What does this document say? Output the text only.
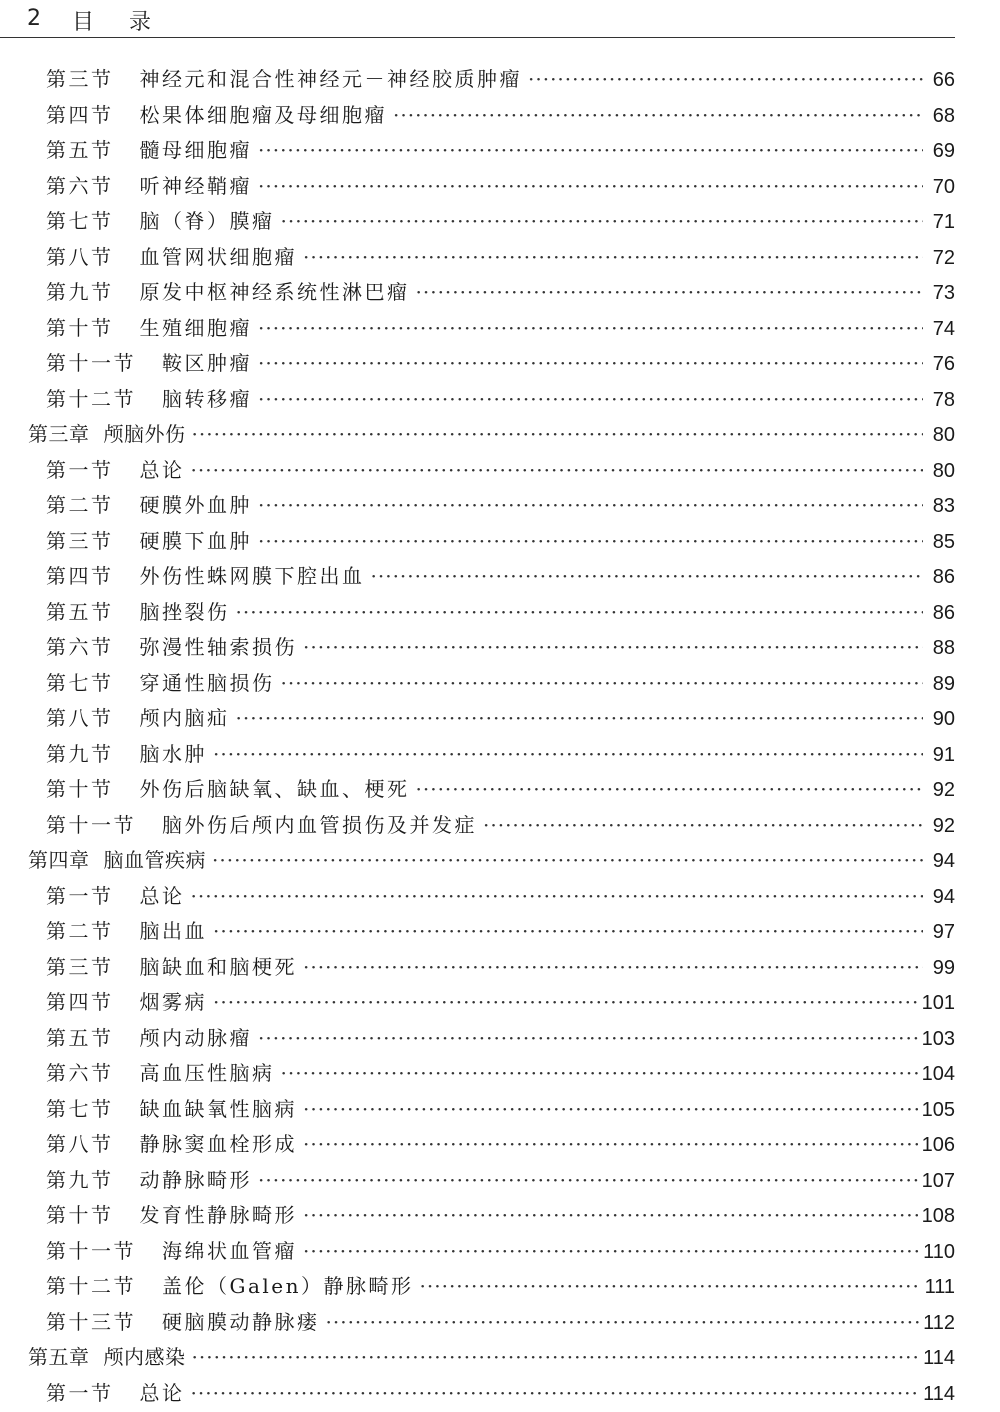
2 目 录
第三节 神经元和混合性神经元－神经胶质肿瘤 ·····	66
第四节 松果体细胞瘤及母细胞瘤 ·····	68
第五节 髓母细胞瘤 ·····	69
第六节 听神经鞘瘤 ·····	70
第七节 脑（脊）膜瘤 ·····	71
第八节 血管网状细胞瘤 ·····	72
第九节 原发中枢神经系统性淋巴瘤 ·····	73
第十节 生殖细胞瘤 ·····	74
第十一节 鞍区肿瘤 ·····	76
第十二节 脑转移瘤 ·····	78
第三章 颅脑外伤 ·····	80
第一节 总论 ·····	80
第二节 硬膜外血肿 ·····	83
第三节 硬膜下血肿 ·····	85
第四节 外伤性蛛网膜下腔出血 ·····	86
第五节 脑挫裂伤 ·····	86
第六节 弥漫性轴索损伤 ·····	88
第七节 穿通性脑损伤 ·····	89
第八节 颅内脑疝 ·····	90
第九节 脑水肿 ·····	91
第十节 外伤后脑缺氧、缺血、梗死 ·····	92
第十一节 脑外伤后颅内血管损伤及并发症 ·····	92
第四章 脑血管疾病 ·····	94
第一节 总论 ·····	94
第二节 脑出血 ·····	97
第三节 脑缺血和脑梗死 ·····	99
第四节 烟雾病 ·····	101
第五节 颅内动脉瘤 ·····	103
第六节 高血压性脑病 ·····	104
第七节 缺血缺氧性脑病 ·····	105
第八节 静脉窦血栓形成 ·····	106
第九节 动静脉畸形 ·····	107
第十节 发育性静脉畸形 ·····	108
第十一节 海绵状血管瘤 ·····	110
第十二节 盖伦（Galen）静脉畸形 ·····	111
第十三节 硬脑膜动静脉瘘 ·····	112
第五章 颅内感染 ·····	114
第一节 总论 ·····	114
